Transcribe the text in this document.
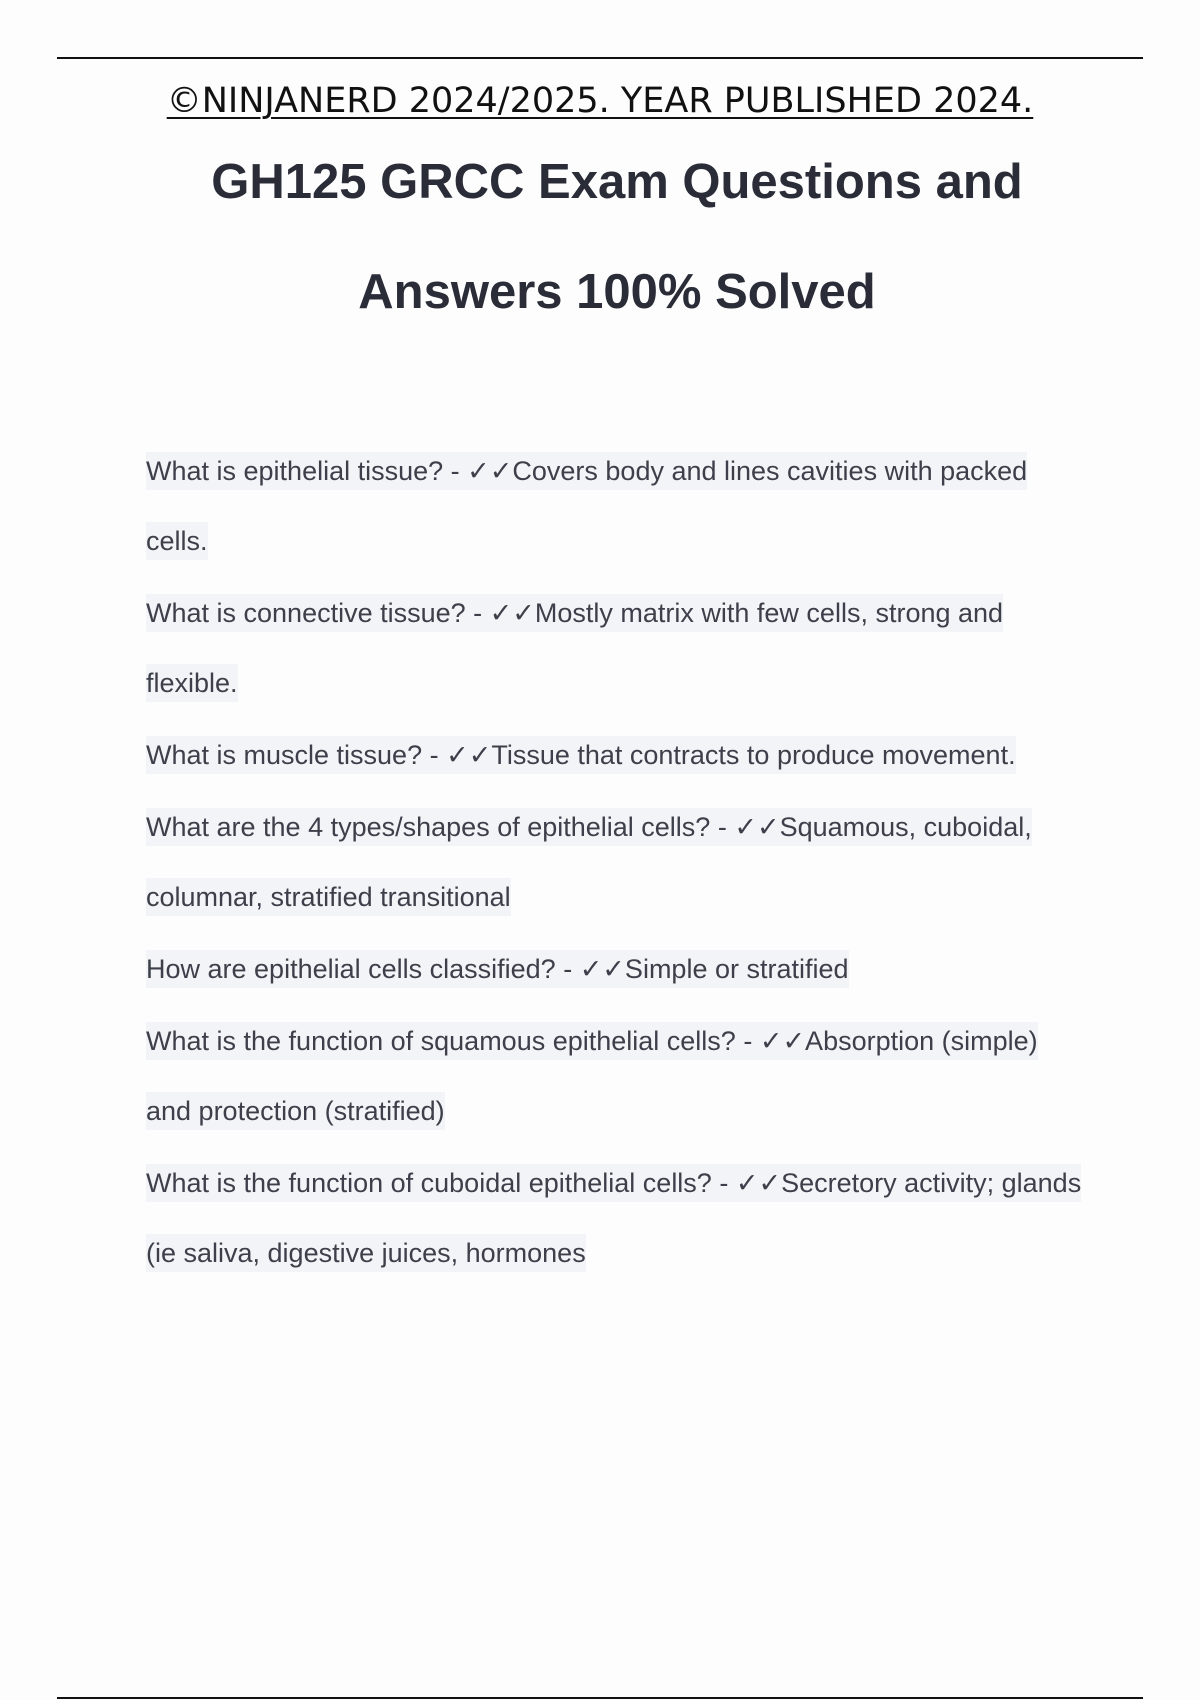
©NINJANERD 2024/2025. YEAR PUBLISHED 2024.
GH125 GRCC Exam Questions and
Answers 100% Solved

What is epithelial tissue? - ✓✓Covers body and lines cavities with packed cells.

What is connective tissue? - ✓✓Mostly matrix with few cells, strong and flexible.

What is muscle tissue? - ✓✓Tissue that contracts to produce movement.

What are the 4 types/shapes of epithelial cells? - ✓✓Squamous, cuboidal, columnar, stratified transitional

How are epithelial cells classified? - ✓✓Simple or stratified

What is the function of squamous epithelial cells? - ✓✓Absorption (simple) and protection (stratified)

What is the function of cuboidal epithelial cells? - ✓✓Secretory activity; glands (ie saliva, digestive juices, hormones
